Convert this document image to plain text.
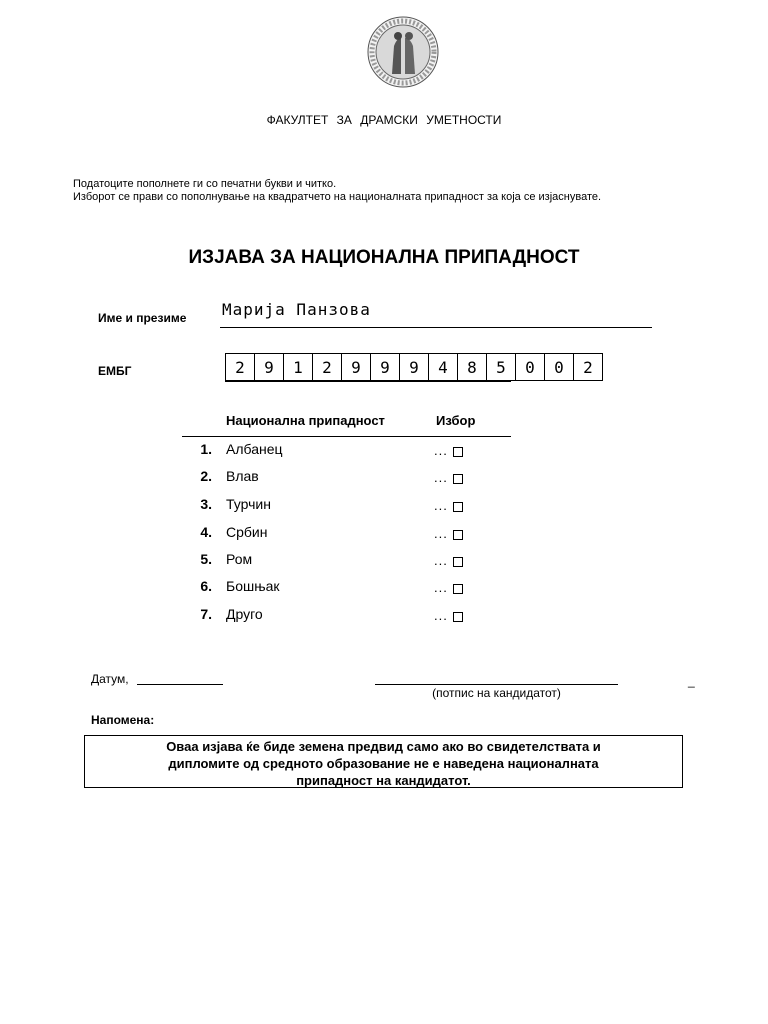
ФАКУЛТЕТ ЗА ДРАМСКИ УМЕТНОСТИ
Податоците пополнете ги со печатни букви и читко.
Изборот се прави со пополнување на квадратчето на националната припадност за која се изјаснувате.
ИЗЈАВА ЗА НАЦИОНАЛНА ПРИПАДНОСТ
Име и презиме Марија Панзова
ЕМБГ	2	9	1	2	9	9	9	4	8	5	0	0	2
Национална припадност	Избор
1. Албанец	...
2. Влав	...
3. Турчин	...
4. Србин	...
5. Ром	...
6. Бошњак	...
7. Друго	...
Датум,
(потпис на кандидатот)
_
Напомена:
Оваа изјава ќе биде земена предвид само ако во свидетелствата и
дипломите од средното образование не е наведена националната
припадност на кандидатот.
